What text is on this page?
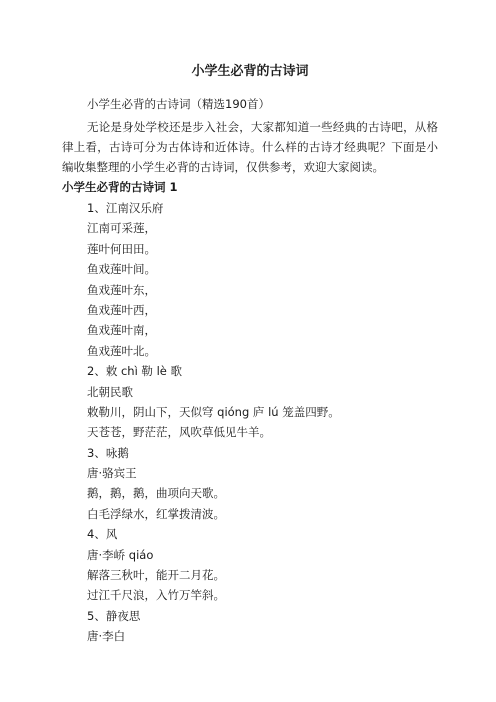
小学生必背的古诗词
小学生必背的古诗词（精选190首）

无论是身处学校还是步入社会，大家都知道一些经典的古诗吧，从格律上看，古诗可分为古体诗和近体诗。什么样的古诗才经典呢？下面是小编收集整理的小学生必背的古诗词，仅供参考，欢迎大家阅读。

小学生必背的古诗词 1
1、江南汉乐府
江南可采莲，
莲叶何田田。
鱼戏莲叶间。
鱼戏莲叶东，
鱼戏莲叶西，
鱼戏莲叶南，
鱼戏莲叶北。
2、敕 chì 勒 lè 歌
北朝民歌
敕勒川，阴山下，天似穹 qióng 庐 lú 笼盖四野。
天苍苍，野茫茫，风吹草低见牛羊。
3、咏鹅
唐·骆宾王
鹅，鹅，鹅，曲项向天歌。
白毛浮绿水，红掌拨清波。
4、风
唐·李峤 qiáo
解落三秋叶，能开二月花。
过江千尺浪，入竹万竿斜。
5、静夜思
唐·李白
